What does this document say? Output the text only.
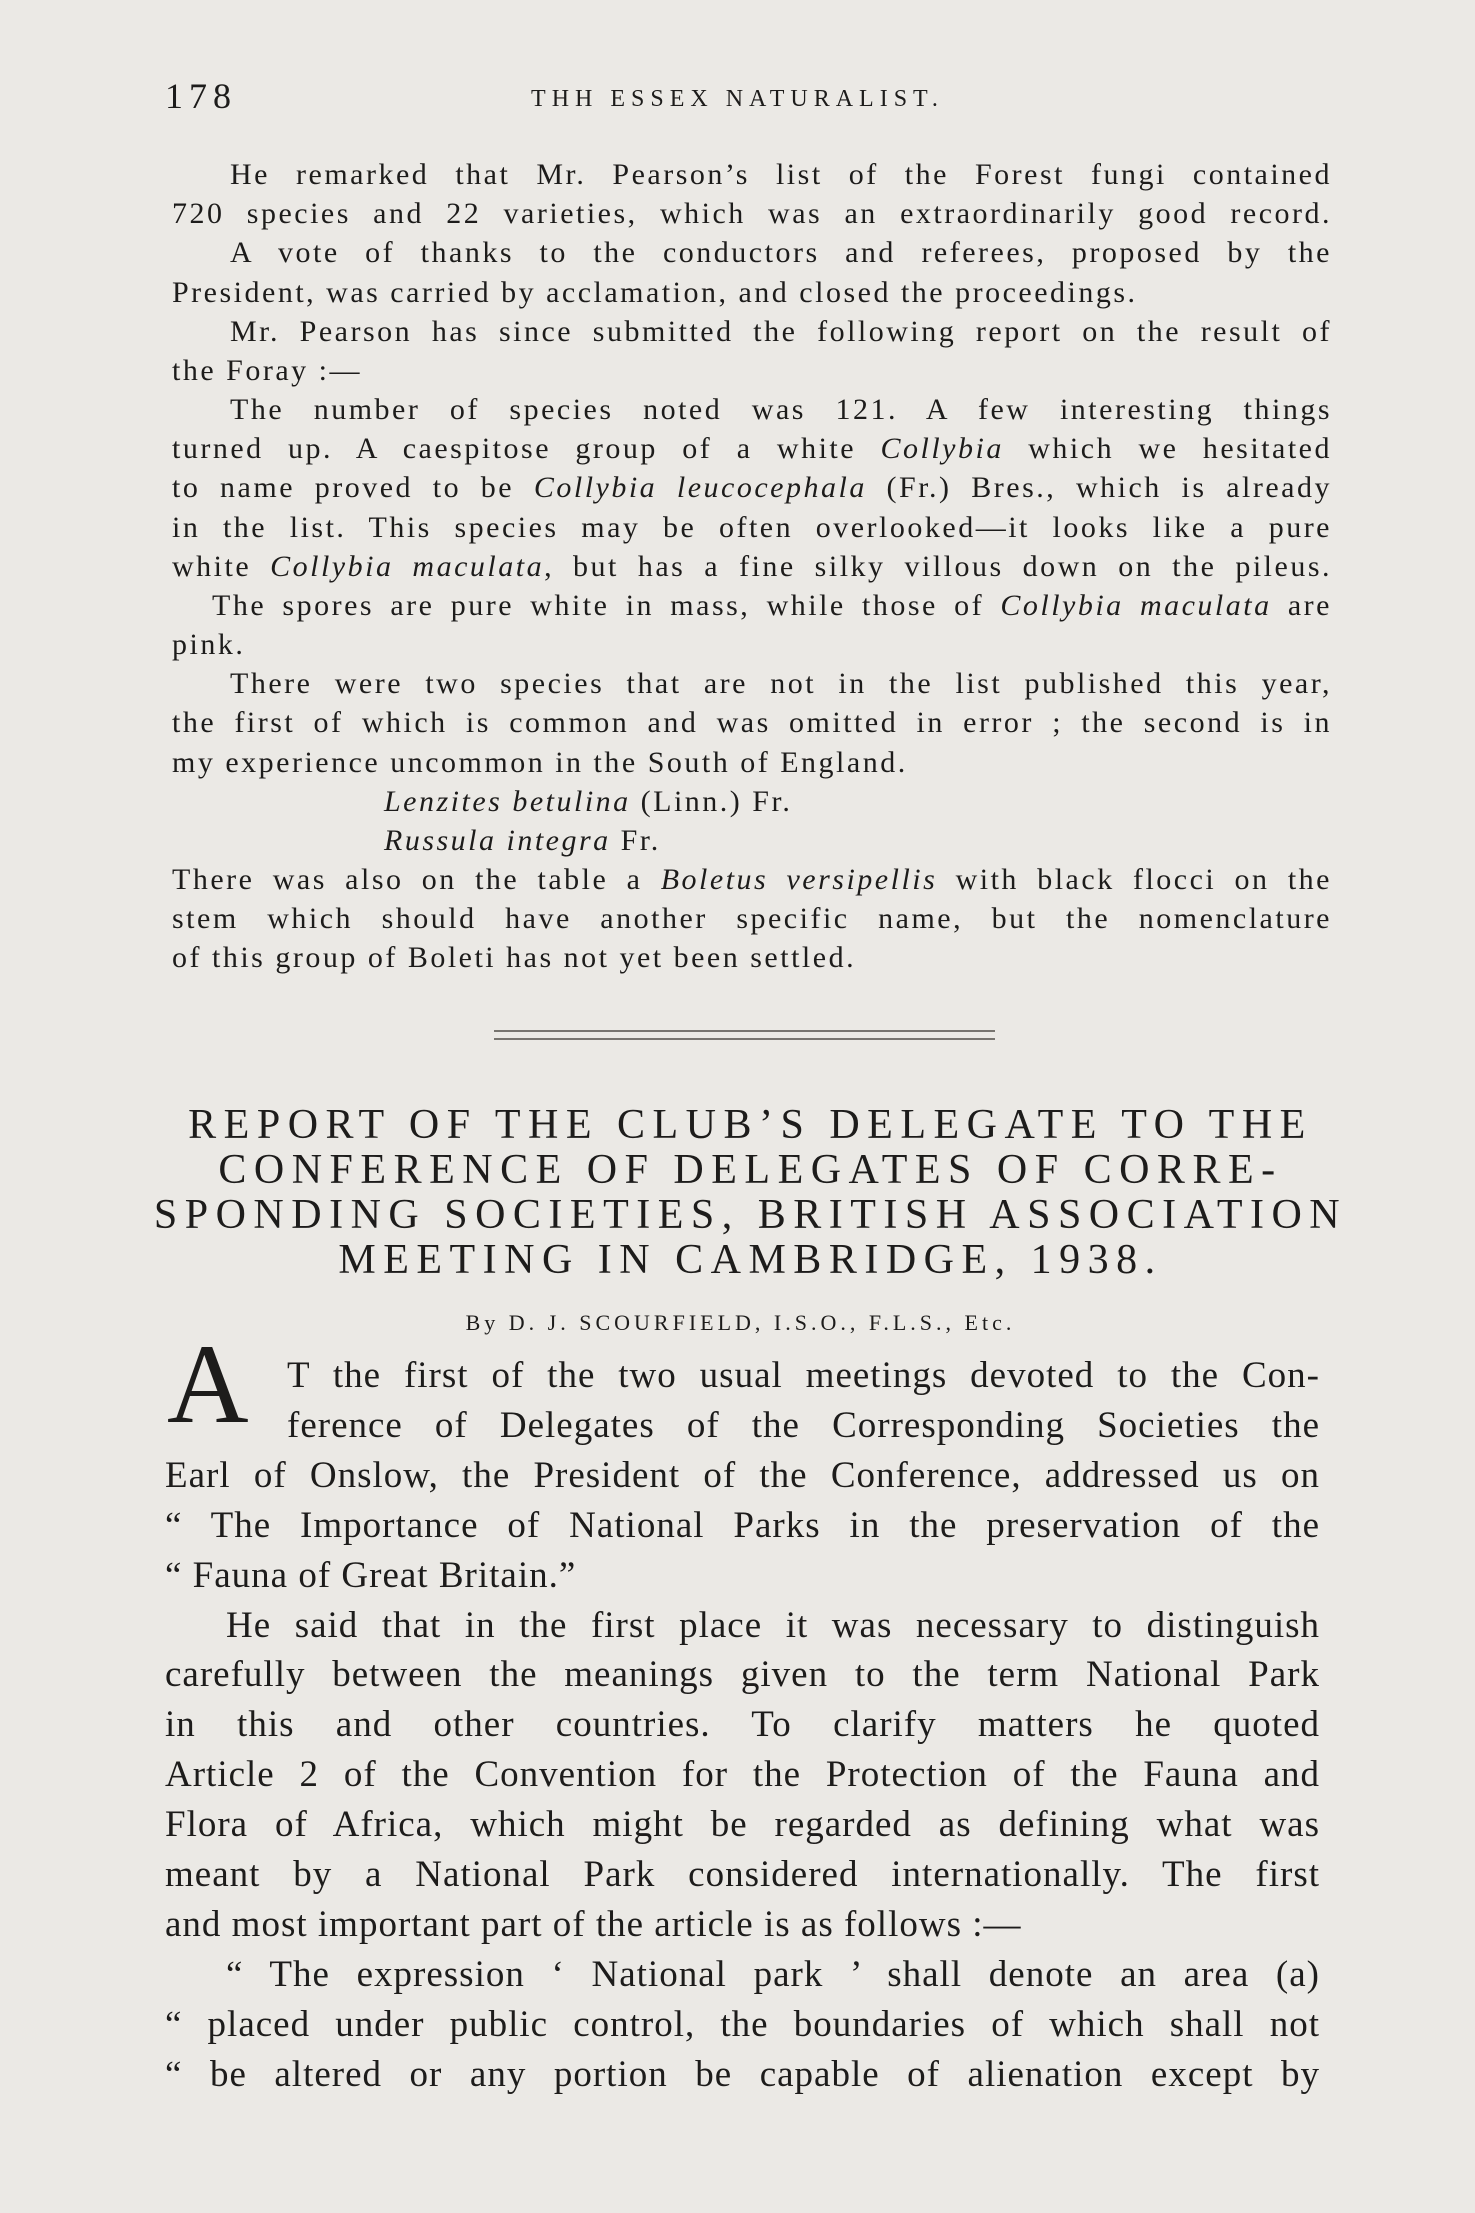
178	THH ESSEX NATURALIST.
He remarked that Mr. Pearson’s list of the Forest fungi contained
720 species and 22 varieties, which was an extraordinarily good record.
A vote of thanks to the conductors and referees, proposed by the
President, was carried by acclamation, and closed the proceedings.
Mr. Pearson has since submitted the following report on the result of
the Foray :—
The number of species noted was 121. A few interesting things
turned up. A caespitose group of a white Collybia which we hesitated
to name proved to be Collybia leucocephala (Fr.) Bres., which is already
in the list. This species may be often overlooked—it looks like a pure
white Collybia maculata, but has a fine silky villous down on the pileus.
The spores are pure white in mass, while those of Collybia maculata are
pink.
There were two species that are not in the list published this year,
the first of which is common and was omitted in error ; the second is in
my experience uncommon in the South of England.
Lenzites betulina (Linn.) Fr.
Russula integra Fr.
There was also on the table a Boletus versipellis with black flocci on the
stem which should have another specific name, but the nomenclature
of this group of Boleti has not yet been settled.
REPORT OF THE CLUB’S DELEGATE TO THE
CONFERENCE OF DELEGATES OF CORRE-
SPONDING SOCIETIES, BRITISH ASSOCIATION
MEETING IN CAMBRIDGE, 1938.
By D. J. SCOURFIELD, I.S.O., F.L.S., Etc.
A	T the first of the two usual meetings devoted to the Con-
ference of Delegates of the Corresponding Societies the
Earl of Onslow, the President of the Conference, addressed us on
“ The Importance of National Parks in the preservation of the
“ Fauna of Great Britain.”
He said that in the first place it was necessary to distinguish
carefully between the meanings given to the term National Park
in this and other countries. To clarify matters he quoted
Article 2 of the Convention for the Protection of the Fauna and
Flora of Africa, which might be regarded as defining what was
meant by a National Park considered internationally. The first
and most important part of the article is as follows :—
“ The expression ‘ National park ’ shall denote an area (a)
“ placed under public control, the boundaries of which shall not
“ be altered or any portion be capable of alienation except by
